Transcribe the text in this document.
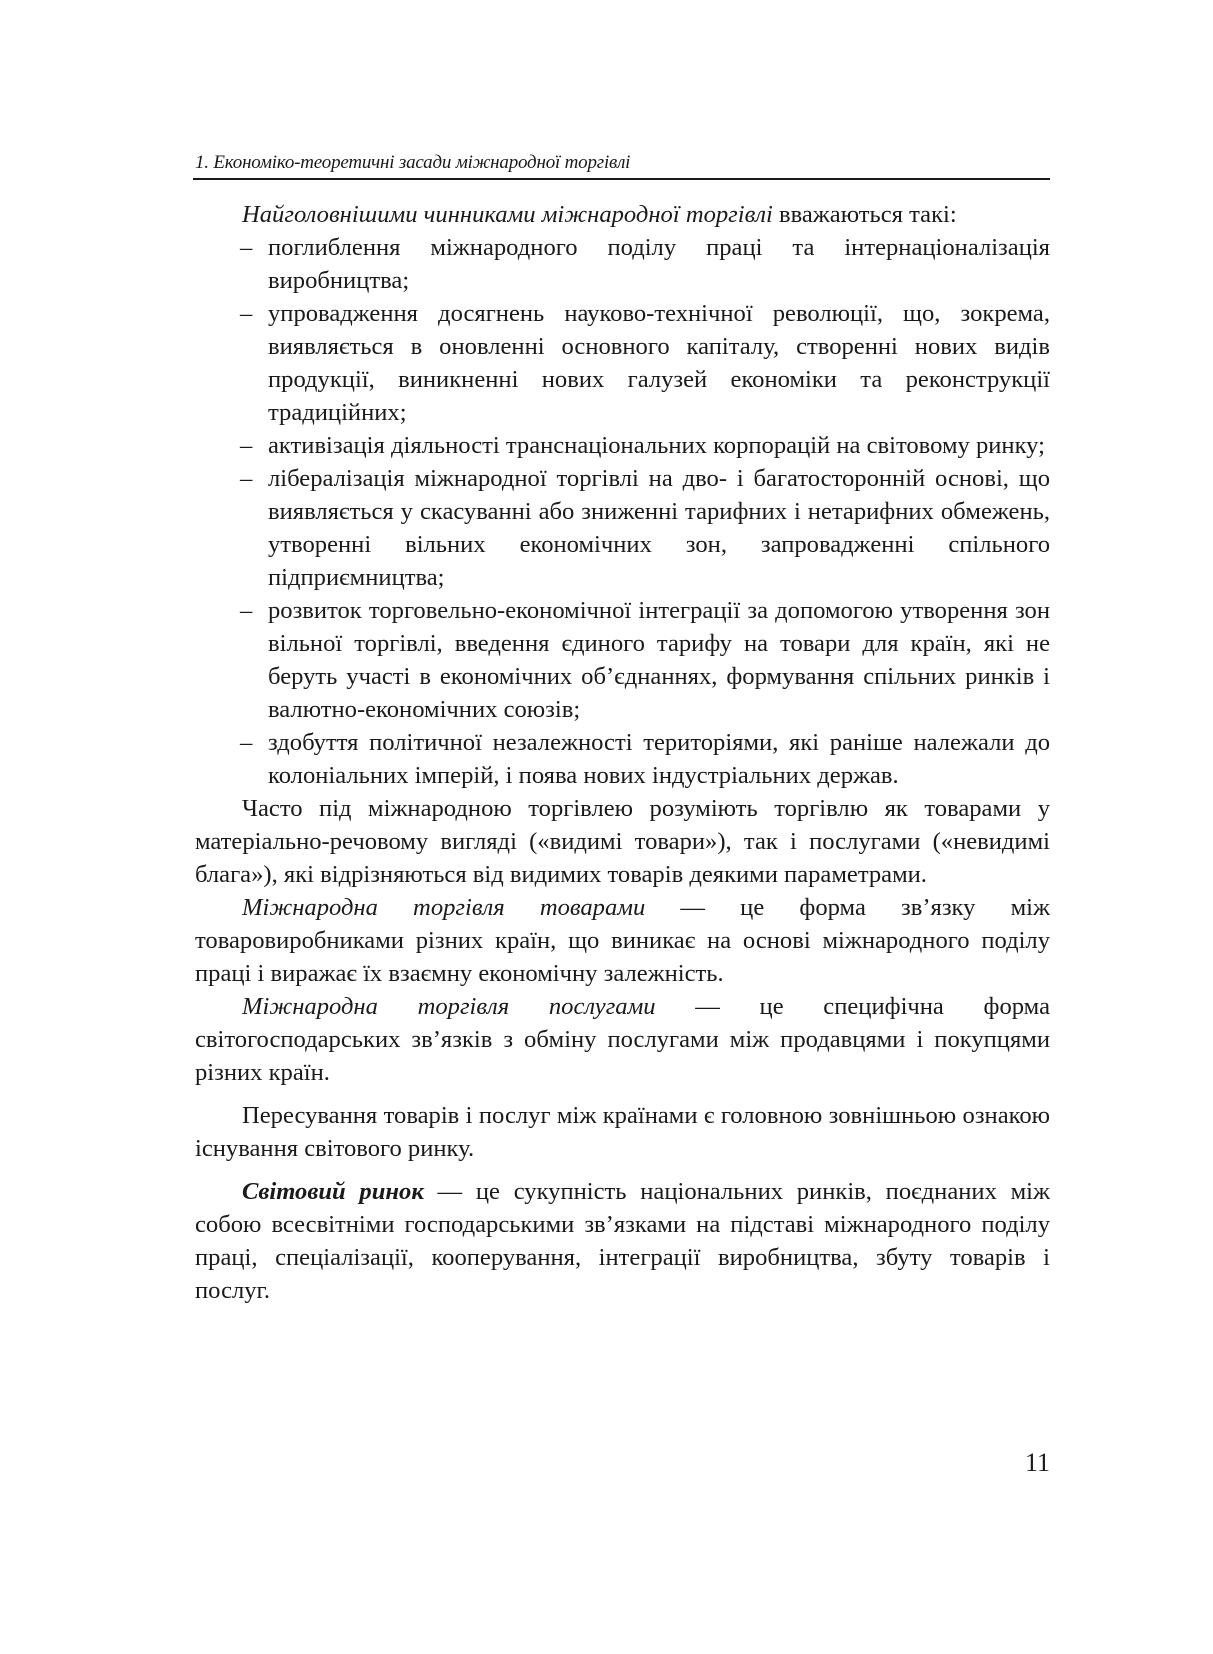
1. Економіко-теоретичні засади міжнародної торгівлі

Найголовнішими чинниками міжнародної торгівлі вважаються такі:

– поглиблення міжнародного поділу праці та інтернаціоналізація виробництва;
– упровадження досягнень науково-технічної революції, що, зокрема, виявляється в оновленні основного капіталу, створенні нових видів продукції, виникненні нових галузей економіки та реконструкції традиційних;
– активізація діяльності транснаціональних корпорацій на світовому ринку;
– лібералізація міжнародної торгівлі на дво- і багатосторонній основі, що виявляється у скасуванні або зниженні тарифних і нетарифних обмежень, утворенні вільних економічних зон, запровадженні спільного підприємництва;
– розвиток торговельно-економічної інтеграції за допомогою утворення зон вільної торгівлі, введення єдиного тарифу на товари для країн, які не беруть участі в економічних об’єднаннях, формування спільних ринків і валютно-економічних союзів;
– здобуття політичної незалежності територіями, які раніше належали до колоніальних імперій, і поява нових індустріальних держав.

Часто під міжнародною торгівлею розуміють торгівлю як товарами у матеріально-речовому вигляді («видимі товари»), так і послугами («невидимі блага»), які відрізняються від видимих товарів деякими параметрами.

Міжнародна торгівля товарами — це форма зв’язку між товаровиробниками різних країн, що виникає на основі міжнародного поділу праці і виражає їх взаємну економічну залежність.

Міжнародна торгівля послугами — це специфічна форма світогосподарських зв’язків з обміну послугами між продавцями і покупцями різних країн.

Пересування товарів і послуг між країнами є головною зовнішньою ознакою існування світового ринку.

Світовий ринок — це сукупність національних ринків, поєднаних між собою всесвітніми господарськими зв’язками на підставі міжнародного поділу праці, спеціалізації, кооперування, інтеграції виробництва, збуту товарів і послуг.

11
